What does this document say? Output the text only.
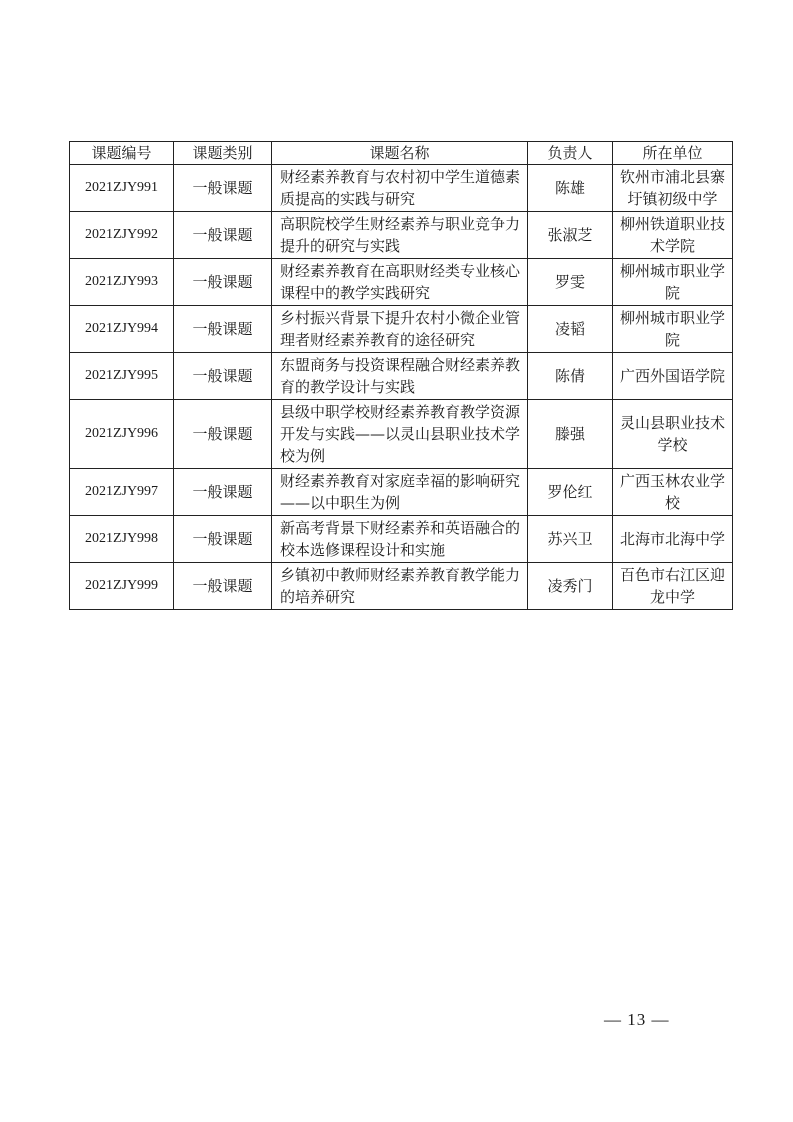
课题编号	课题类别	课题名称	负责人	所在单位
2021ZJY991	一般课题	财经素养教育与农村初中学生道德素质提高的实践与研究	陈雄	钦州市浦北县寨圩镇初级中学
2021ZJY992	一般课题	高职院校学生财经素养与职业竞争力提升的研究与实践	张淑芝	柳州铁道职业技术学院
2021ZJY993	一般课题	财经素养教育在高职财经类专业核心课程中的教学实践研究	罗雯	柳州城市职业学院
2021ZJY994	一般课题	乡村振兴背景下提升农村小微企业管理者财经素养教育的途径研究	凌韬	柳州城市职业学院
2021ZJY995	一般课题	东盟商务与投资课程融合财经素养教育的教学设计与实践	陈倩	广西外国语学院
2021ZJY996	一般课题	县级中职学校财经素养教育教学资源开发与实践——以灵山县职业技术学校为例	滕强	灵山县职业技术学校
2021ZJY997	一般课题	财经素养教育对家庭幸福的影响研究——以中职生为例	罗伦红	广西玉林农业学校
2021ZJY998	一般课题	新高考背景下财经素养和英语融合的校本选修课程设计和实施	苏兴卫	北海市北海中学
2021ZJY999	一般课题	乡镇初中教师财经素养教育教学能力的培养研究	凌秀门	百色市右江区迎龙中学
— 13 —
